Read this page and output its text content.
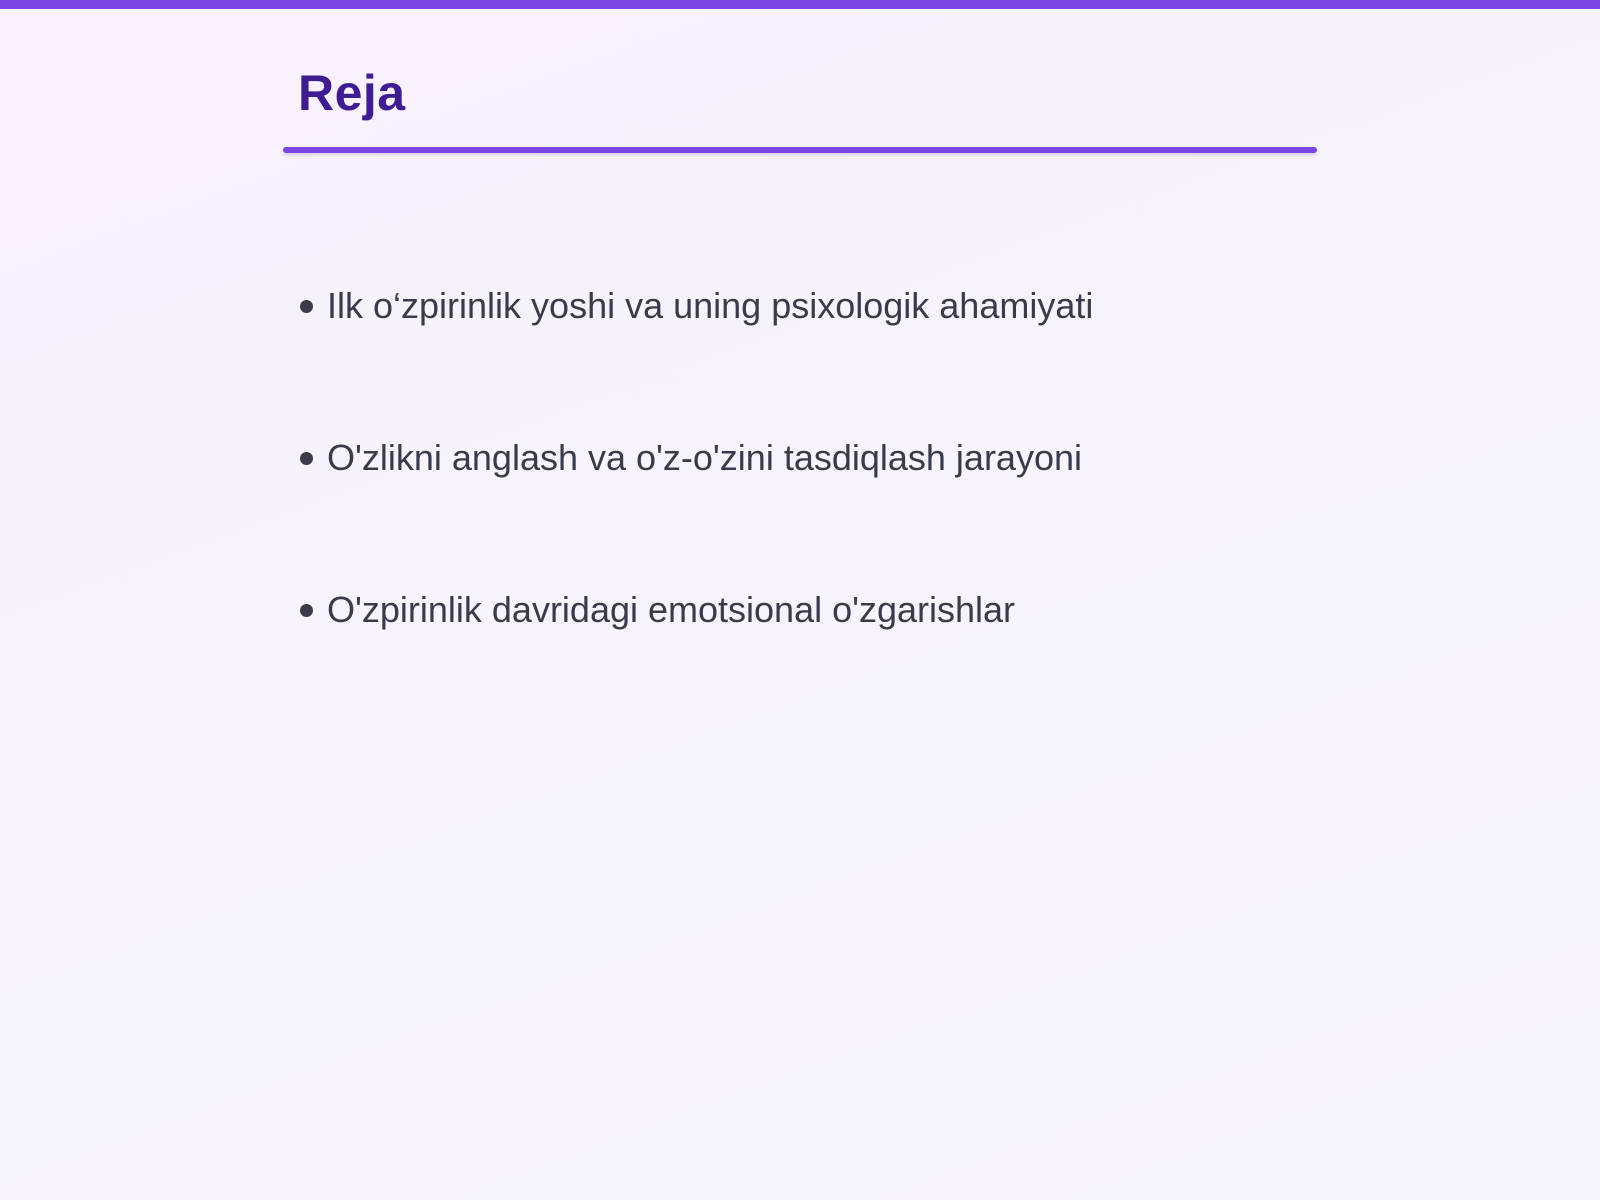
Reja
Ilk o‘zpirinlik yoshi va uning psixologik ahamiyati
O'zlikni anglash va o'z-o'zini tasdiqlash jarayoni
O'zpirinlik davridagi emotsional o'zgarishlar
